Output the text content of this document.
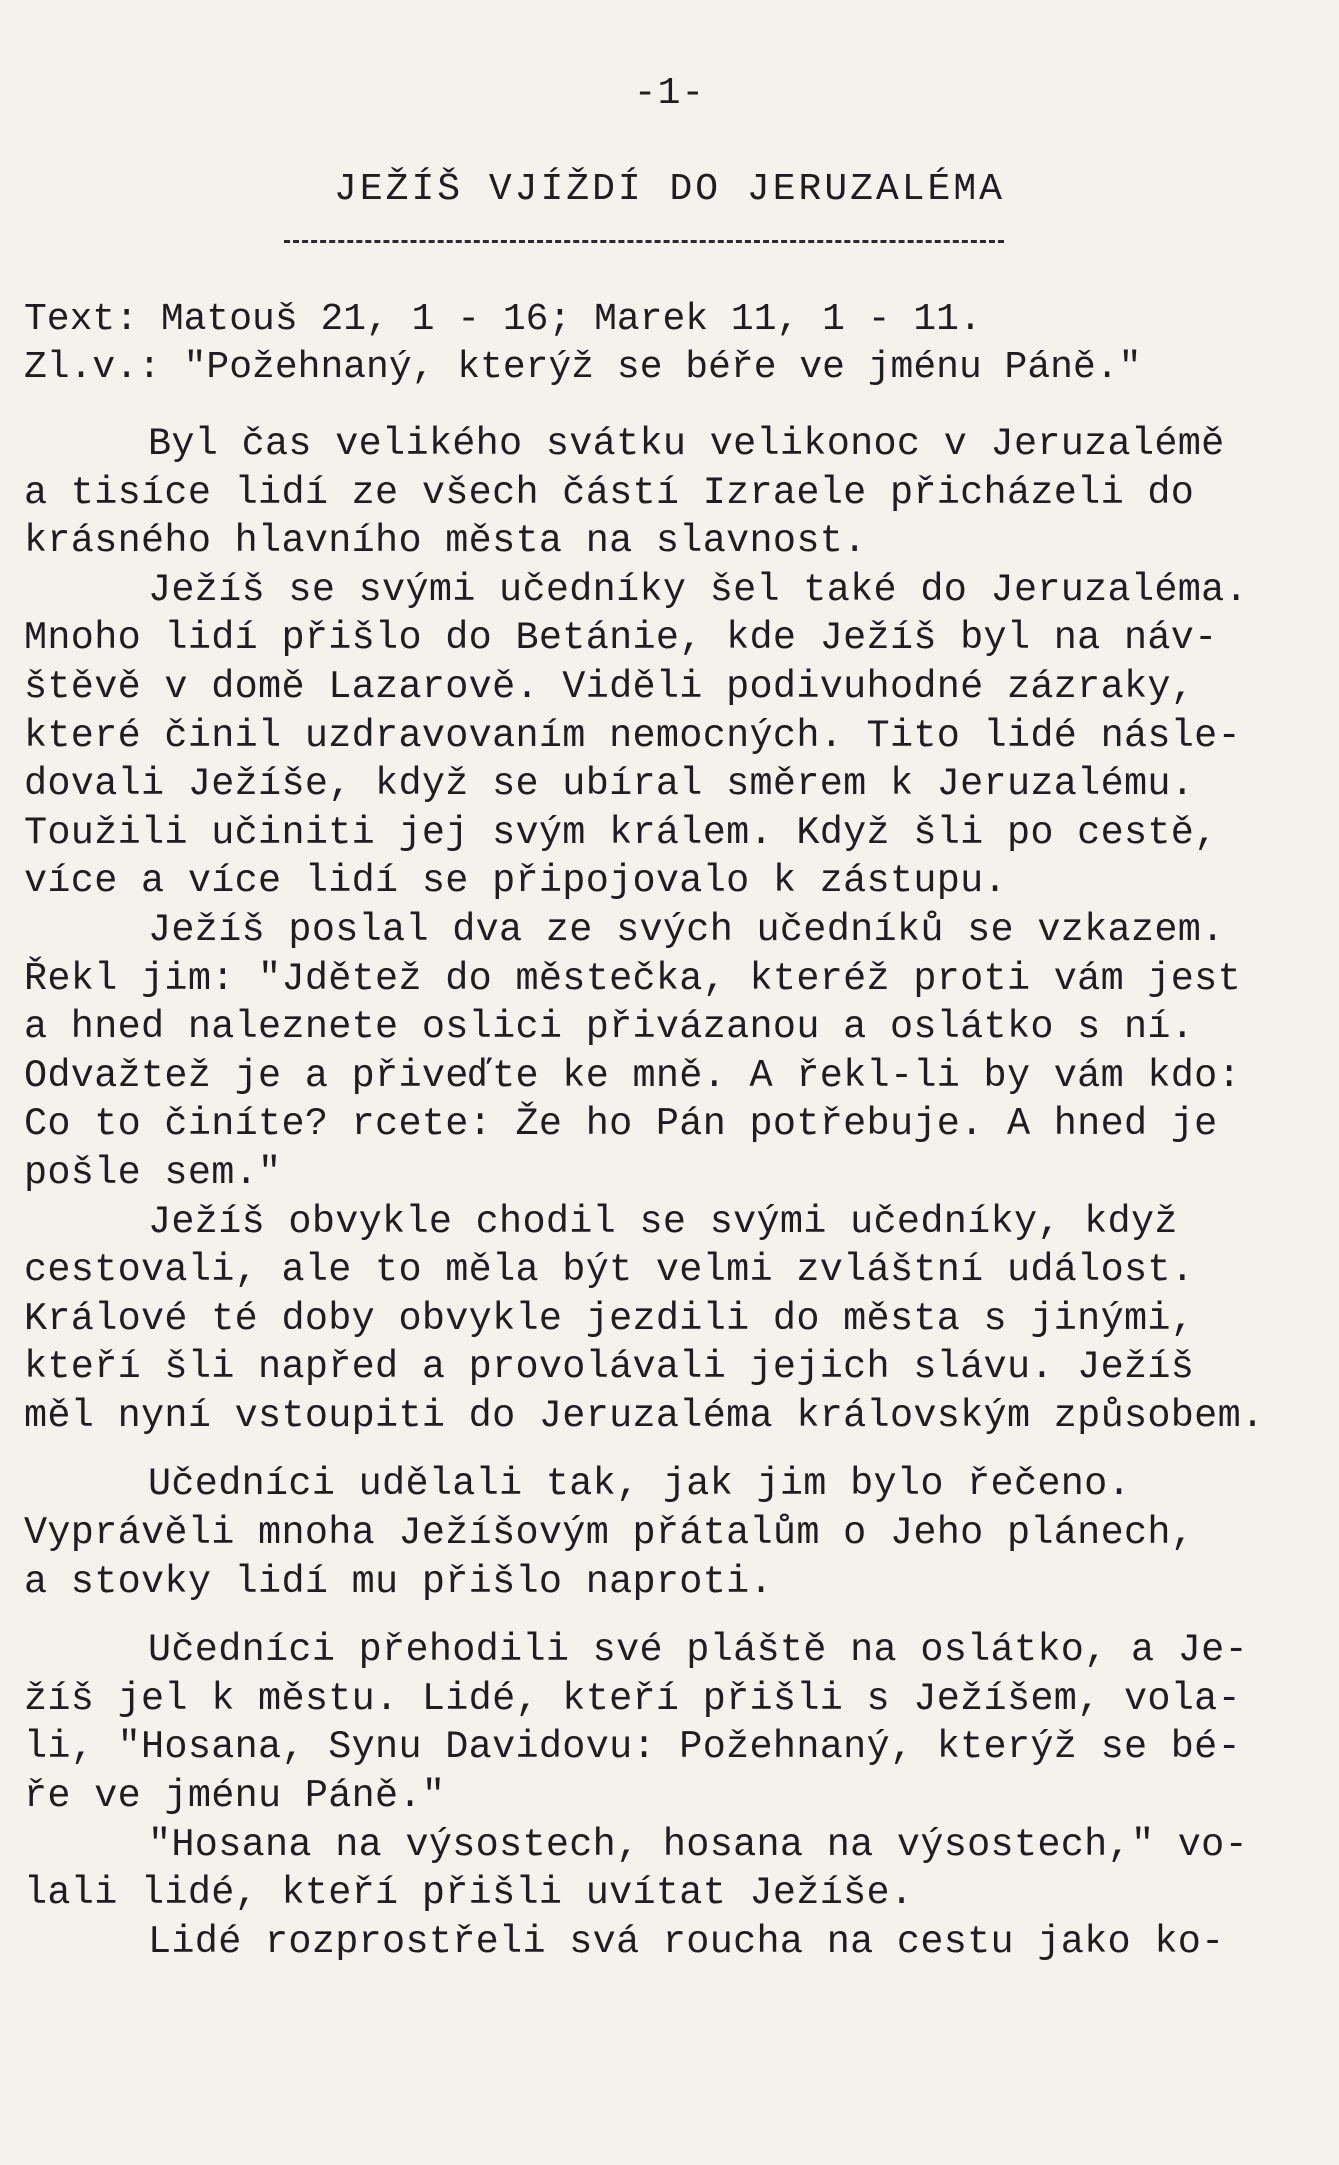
-1-
JEŽÍŠ VJÍŽDÍ DO JERUZALÉMA
Text: Matouš 21, 1 - 16; Marek 11, 1 - 11.
Zl.v.: "Požehnaný, kterýž se béře ve jménu Páně."
Byl čas velikého svátku velikonoc v Jeruzalémě
a tisíce lidí ze všech částí Izraele přicházeli do
krásného hlavního města na slavnost.
Ježíš se svými učedníky šel také do Jeruzaléma.
Mnoho lidí přišlo do Betánie, kde Ježíš byl na náv-
štěvě v domě Lazarově. Viděli podivuhodné zázraky,
které činil uzdravovaním nemocných. Tito lidé násle-
dovali Ježíše, když se ubíral směrem k Jeruzalému.
Toužili učiniti jej svým králem. Když šli po cestě,
více a více lidí se připojovalo k zástupu.
Ježíš poslal dva ze svých učedníků se vzkazem.
Řekl jim: "Jdětež do městečka, kteréž proti vám jest
a hned naleznete oslici přivázanou a oslátko s ní.
Odvažtež je a přiveďte ke mně. A řekl-li by vám kdo:
Co to činíte? rcete: Že ho Pán potřebuje. A hned je
pošle sem."
Ježíš obvykle chodil se svými učedníky, když
cestovali, ale to měla být velmi zvláštní událost.
Králové té doby obvykle jezdili do města s jinými,
kteří šli napřed a provolávali jejich slávu. Ježíš
měl nyní vstoupiti do Jeruzaléma královským způsobem.
Učedníci udělali tak, jak jim bylo řečeno.
Vyprávěli mnoha Ježíšovým přátalům o Jeho plánech,
a stovky lidí mu přišlo naproti.
Učedníci přehodili své pláště na oslátko, a Je-
žíš jel k městu. Lidé, kteří přišli s Ježíšem, vola-
li, "Hosana, Synu Davidovu: Požehnaný, kterýž se bé-
ře ve jménu Páně."
"Hosana na výsostech, hosana na výsostech," vo-
lali lidé, kteří přišli uvítat Ježíše.
Lidé rozprostřeli svá roucha na cestu jako ko-
